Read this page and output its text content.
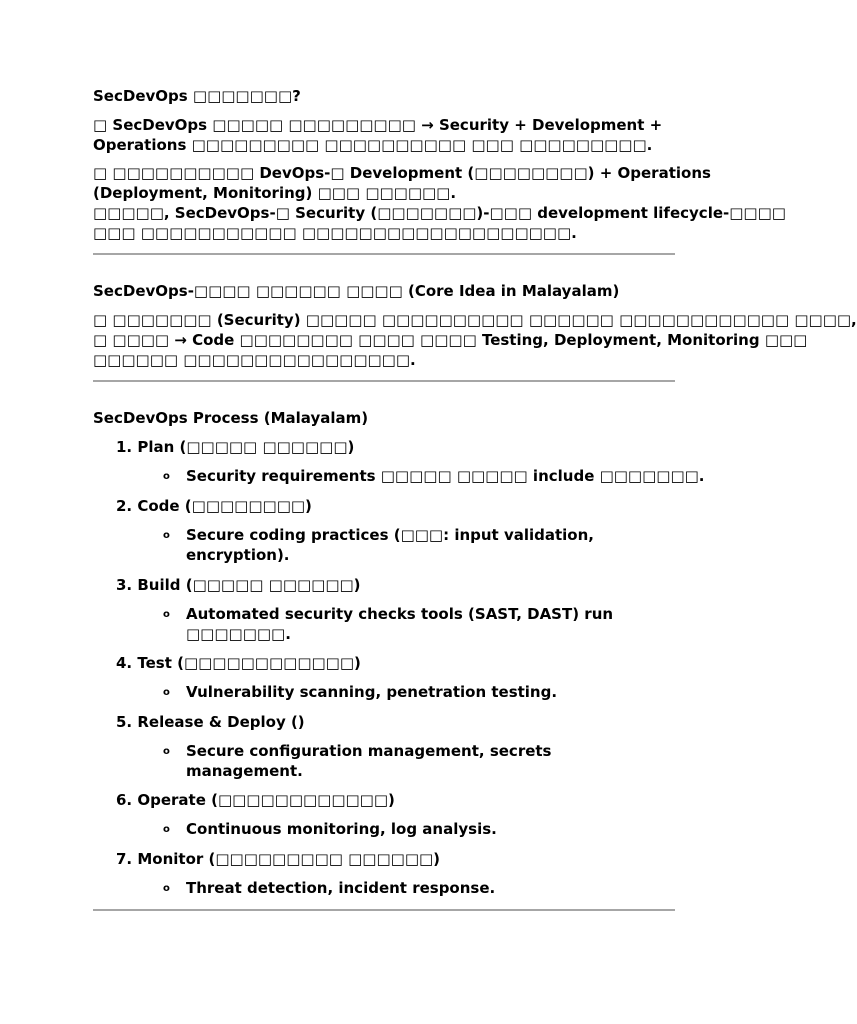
SecDevOps □□□□□□□?

□ SecDevOps □□□□□ □□□□□□□□□ → Security + Development +

Operations □□□□□□□□□ □□□□□□□□□□ □□□ □□□□□□□□□.

□ □□□□□□□□□□ DevOps-□ Development (□□□□□□□□) + Operations

(Deployment, Monitoring) □□□ □□□□□□.

□□□□□, SecDevOps-□ Security (□□□□□□□)-□□□ development lifecycle-□□□□

□□□ □□□□□□□□□□□ □□□□□□□□□□□□□□□□□□□.

SecDevOps-□□□□ □□□□□□ □□□□ (Core Idea in Malayalam)

□ □□□□□□□ (Security) □□□□□ □□□□□□□□□□ □□□□□□ □□□□□□□□□□□□ □□□□,

□ □□□□ → Code □□□□□□□□ □□□□ □□□□ Testing, Deployment, Monitoring □□□

□□□□□□ □□□□□□□□□□□□□□□□.

SecDevOps Process (Malayalam)

1. Plan (□□□□□ □□□□□□)
o Security requirements □□□□□ □□□□□ include □□□□□□□.

2. Code (□□□□□□□□)
o Secure coding practices (□□□: input validation,

encryption).

3. Build (□□□□□ □□□□□□)
o Automated security checks tools (SAST, DAST) run

□□□□□□□.

4. Test (□□□□□□□□□□□□)
o Vulnerability scanning, penetration testing.

5. Release & Deploy ()
o Secure configuration management, secrets

management.

6. Operate (□□□□□□□□□□□□)
o Continuous monitoring, log analysis.

7. Monitor (□□□□□□□□□ □□□□□□)
o Threat detection, incident response.
